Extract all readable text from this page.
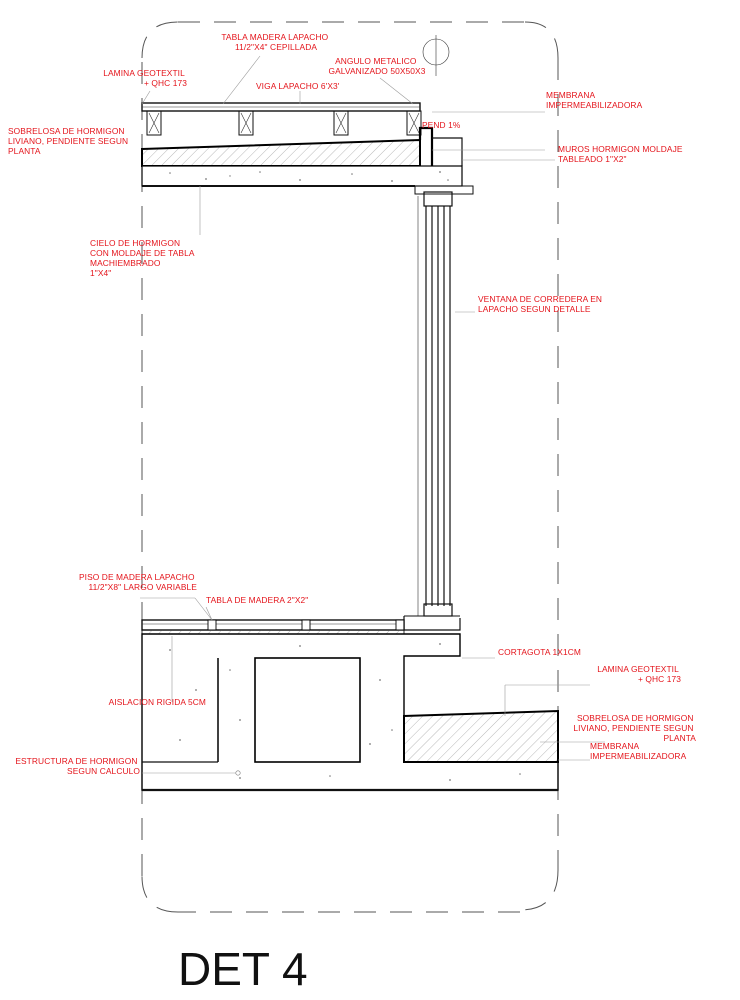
TABLA MADERA LAPACHO 11/2"X4" CEPILLADA
LAMINA GEOTEXTIL + QHC 173
ANGULO METALICO GALVANIZADO 50X50X3
VIGA LAPACHO 6'X3'
MEMBRANA IMPERMEABILIZADORA
PEND 1%
SOBRELOSA DE HORMIGON LIVIANO, PENDIENTE SEGUN PLANTA	MUROS HORMIGON MOLDAJE TABLEADO 1"X2"
CIELO DE HORMIGON CON MOLDAJE DE TABLA MACHIEMBRADO 1"X4"
VENTANA DE CORREDERA EN LAPACHO SEGUN DETALLE
PISO DE MADERA LAPACHO 11/2"X8" LARGO VARIABLE
TABLA DE MADERA 2"X2"
CORTAGOTA 1X1CM
LAMINA GEOTEXTIL + QHC 173
AISLACION RIGIDA 5CM
SOBRELOSA DE HORMIGON LIVIANO, PENDIENTE SEGUN PLANTA
MEMBRANA IMPERMEABILIZADORA
ESTRUCTURA DE HORMIGON SEGUN CALCULO
DET 4
